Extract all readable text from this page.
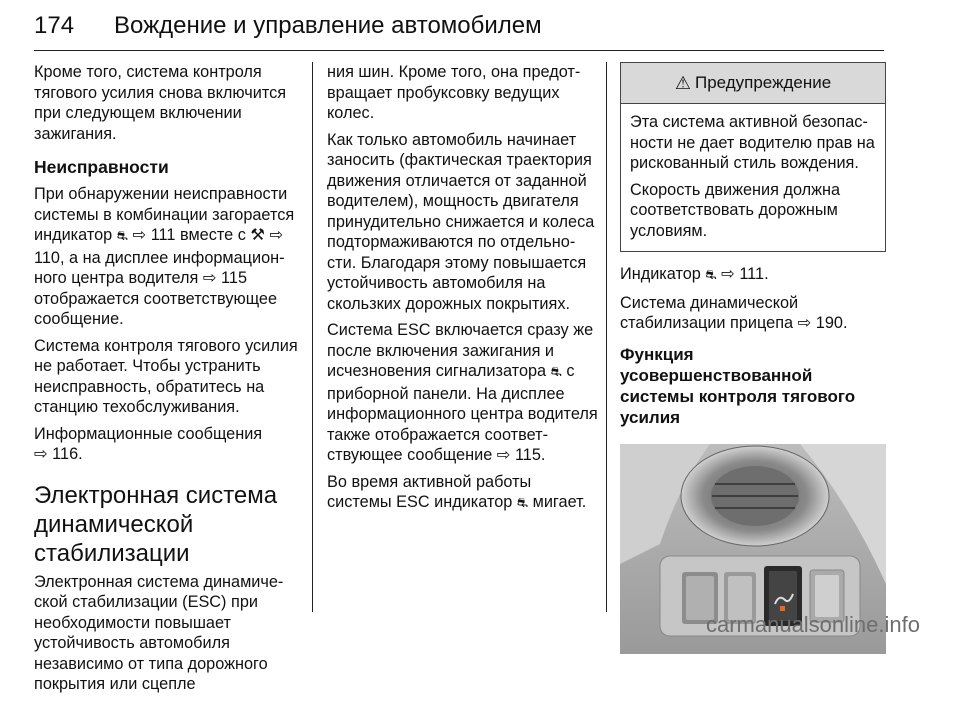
174 Вождение и управление автомобилем

Кроме того, система контроля тягового усилия снова включится при следующем включении зажигания.

Неисправности

При обнаружении неисправности системы в комбинации загорается индикатор ⛐ ⇨ 111 вместе с ⚒ ⇨ 110, а на дисплее информационного центра водителя ⇨ 115 отображается соответствующее сообщение.

Система контроля тягового усилия не работает. Чтобы устранить неисправность, обратитесь на станцию техобслуживания.

Информационные сообщения
⇨ 116.

Электронная система динамической стабилизации

Электронная система динамической стабилизации (ESC) при необходимости повышает устойчивость автомобиля независимо от типа дорожного покрытия или сцепле

ния шин. Кроме того, она предотвращает пробуксовку ведущих колес.

Как только автомобиль начинает заносить (фактическая траектория движения отличается от заданной водителем), мощность двигателя принудительно снижается и колеса подтормаживаются по отдельности. Благодаря этому повышается устойчивость автомобиля на скользких дорожных покрытиях.

Система ESC включается сразу же после включения зажигания и исчезновения сигнализатора ⛐ с приборной панели. На дисплее информационного центра водителя также отображается соответствующее сообщение ⇨ 115.

Во время активной работы системы ESC индикатор ⛐ мигает.

⚠ Предупреждение

Эта система активной безопасности не дает водителю прав на рискованный стиль вождения.

Скорость движения должна соответствовать дорожным условиям.

Индикатор ⛐ ⇨ 111.

Система динамической стабилизации прицепа ⇨ 190.

Функция усовершенствованной системы контроля тягового усилия
carmanualsonline.info
